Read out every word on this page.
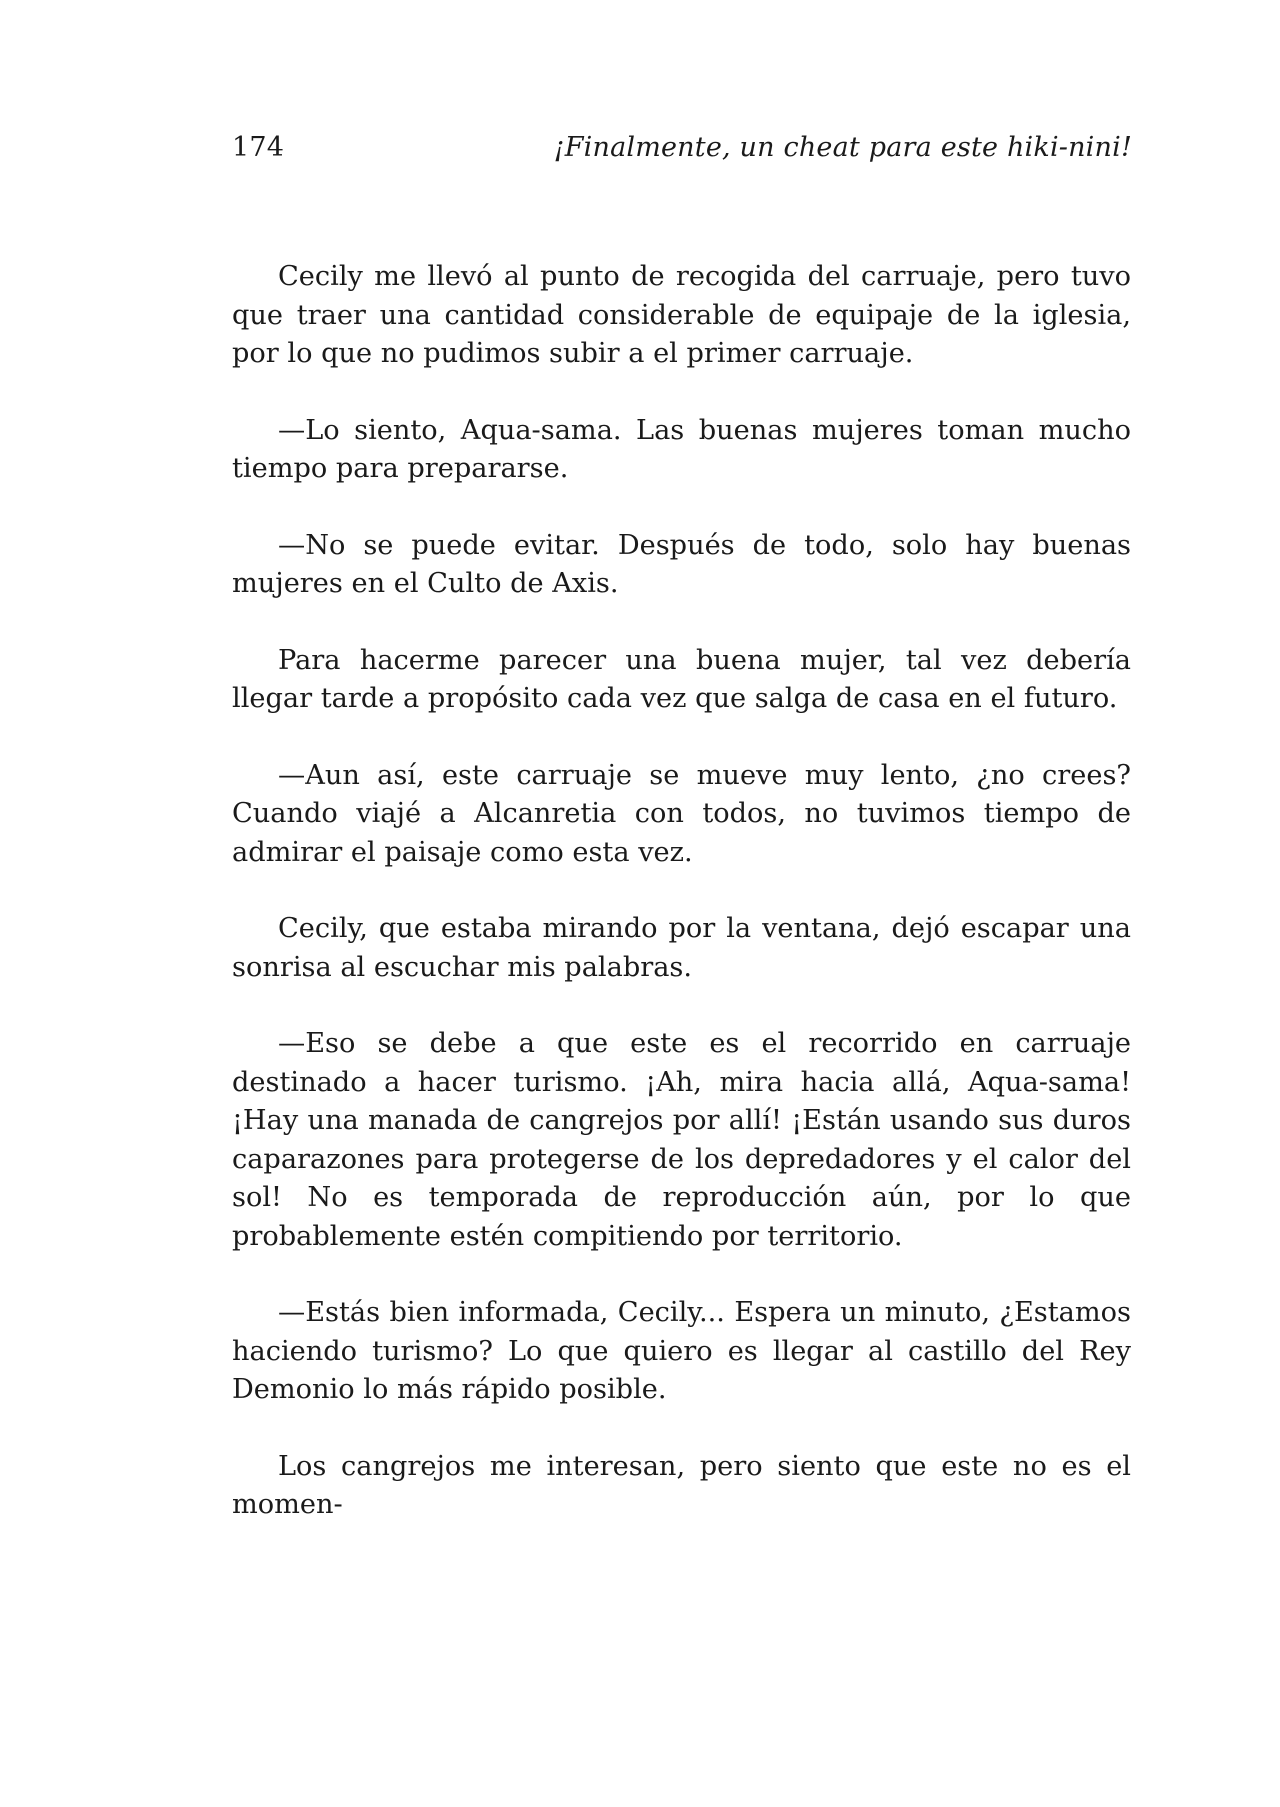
174	¡Finalmente, un cheat para este hiki-nini!

Cecily me llevó al punto de recogida del carruaje, pero tuvo que traer una cantidad considerable de equipaje de la iglesia, por lo que no pudimos subir a el primer carruaje.

—Lo siento, Aqua-sama. Las buenas mujeres toman mucho tiempo para prepararse.

—No se puede evitar. Después de todo, solo hay buenas mujeres en el Culto de Axis.

Para hacerme parecer una buena mujer, tal vez debería llegar tarde a propósito cada vez que salga de casa en el futuro.

—Aun así, este carruaje se mueve muy lento, ¿no crees? Cuando viajé a Alcanretia con todos, no tuvimos tiempo de admirar el paisaje como esta vez.

Cecily, que estaba mirando por la ventana, dejó escapar una sonrisa al escuchar mis palabras.

—Eso se debe a que este es el recorrido en carruaje destinado a hacer turismo. ¡Ah, mira hacia allá, Aqua-sama! ¡Hay una manada de cangrejos por allí! ¡Están usando sus duros caparazones para protegerse de los depredadores y el calor del sol! No es temporada de reproducción aún, por lo que probablemente estén compitiendo por territorio.

—Estás bien informada, Cecily... Espera un minuto, ¿Estamos haciendo turismo? Lo que quiero es llegar al castillo del Rey Demonio lo más rápido posible.

Los cangrejos me interesan, pero siento que este no es el momen-
